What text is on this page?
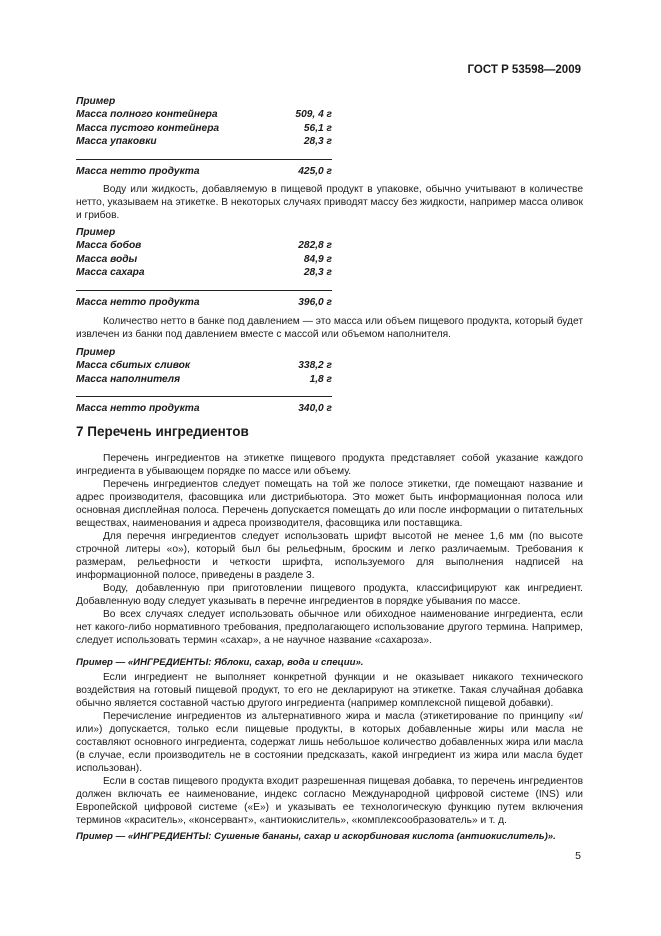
ГОСТ Р 53598—2009
Пример
Масса полного контейнера	509, 4 г
Масса пустого контейнера	56,1 г
Масса упаковки	28,3 г
Масса нетто продукта	425,0 г

Воду или жидкость, добавляемую в пищевой продукт в упаковке, обычно учитывают в количестве нетто, указываем на этикетке. В некоторых случаях приводят массу без жидкости, например масса оливок и грибов.

Пример
Масса бобов	282,8 г
Масса воды	84,9 г
Масса сахара	28,3 г
Масса нетто продукта	396,0 г

Количество нетто в банке под давлением — это масса или объем пищевого продукта, который будет извлечен из банки под давлением вместе с массой или объемом наполнителя.

Пример
Масса сбитых сливок	338,2 г
Масса наполнителя	1,8 г
Масса нетто продукта	340,0 г
7 Перечень ингредиентов

Перечень ингредиентов на этикетке пищевого продукта представляет собой указание каждого ингредиента в убывающем порядке по массе или объему.

Перечень ингредиентов следует помещать на той же полосе этикетки, где помещают название и адрес производителя, фасовщика или дистрибьютора. Это может быть информационная полоса или основная дисплейная полоса. Перечень допускается помещать до или после информации о питательных веществах, наименования и адреса производителя, фасовщика или поставщика.

Для перечня ингредиентов следует использовать шрифт высотой не менее 1,6 мм (по высоте строчной литеры «о»), который был бы рельефным, броским и легко различаемым. Требования к размерам, рельефности и четкости шрифта, используемого для выполнения надписей на информационной полосе, приведены в разделе 3.

Воду, добавленную при приготовлении пищевого продукта, классифицируют как ингредиент. Добавленную воду следует указывать в перечне ингредиентов в порядке убывания по массе.

Во всех случаях следует использовать обычное или обиходное наименование ингредиента, если нет какого-либо нормативного требования, предполагающего использование другого термина. Например, следует использовать термин «сахар», а не научное название «сахароза».

Пример — «ИНГРЕДИЕНТЫ: Яблоки, сахар, вода и специи».

Если ингредиент не выполняет конкретной функции и не оказывает никакого технического воздействия на готовый пищевой продукт, то его не декларируют на этикетке. Такая случайная добавка обычно является составной частью другого ингредиента (например комплексной пищевой добавки).

Перечисление ингредиентов из альтернативного жира и масла (этикетирование по принципу «и/или») допускается, только если пищевые продукты, в которых добавленные жиры или масла не составляют основного ингредиента, содержат лишь небольшое количество добавленных жира или масла (в случае, если производитель не в состоянии предсказать, какой ингредиент из жира или масла будет использован).

Если в состав пищевого продукта входит разрешенная пищевая добавка, то перечень ингредиентов должен включать ее наименование, индекс согласно Международной цифровой системе (INS) или Европейской цифровой системе («Е») и указывать ее технологическую функцию путем включения терминов «краситель», «консервант», «антиокислитель», «комплексообразователь» и т. д.

Пример — «ИНГРЕДИЕНТЫ: Сушеные бананы, сахар и аскорбиновая кислота (антиокислитель)».
5
